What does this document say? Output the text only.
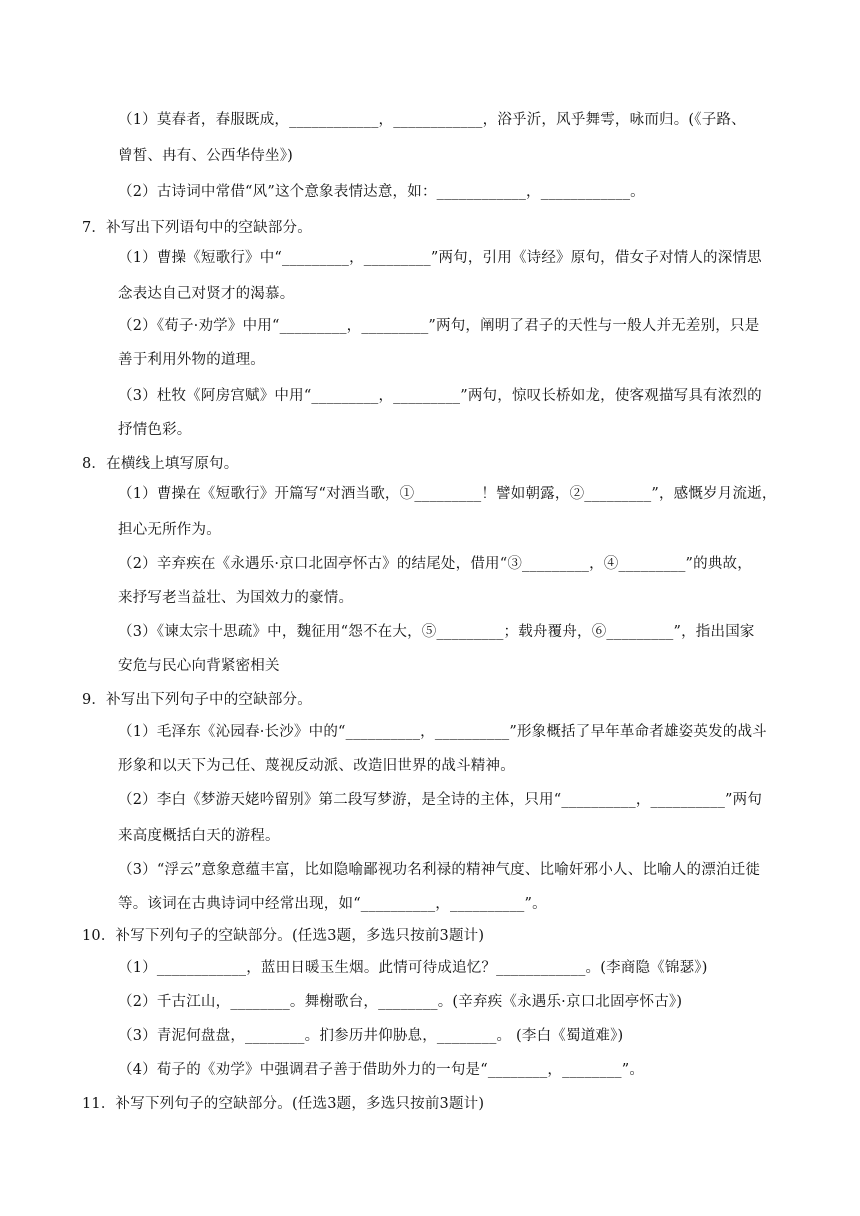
（1）莫春者，春服既成，____________，____________，浴乎沂，风乎舞雩，咏而归。(《子路、
曾皙、冉有、公西华侍坐》)
（2）古诗词中常借“风”这个意象表情达意，如：____________，____________。
7．补写出下列语句中的空缺部分。
（1）曹操《短歌行》中“_________，_________”两句，引用《诗经》原句，借女子对情人的深情思
念表达自己对贤才的渴慕。
（2）《荀子·劝学》中用“_________，_________”两句，阐明了君子的天性与一般人并无差别，只是
善于利用外物的道理。
（3）杜牧《阿房宫赋》中用“_________，_________”两句，惊叹长桥如龙，使客观描写具有浓烈的
抒情色彩。
8．在横线上填写原句。
（1）曹操在《短歌行》开篇写“对酒当歌，①_________！譬如朝露，②_________”，感慨岁月流逝，
担心无所作为。
（2）辛弃疾在《永遇乐·京口北固亭怀古》的结尾处，借用“③_________，④_________”的典故，
来抒写老当益壮、为国效力的豪情。
（3）《谏太宗十思疏》中，魏征用“怨不在大，⑤_________；载舟覆舟，⑥_________”，指出国家
安危与民心向背紧密相关
9．补写出下列句子中的空缺部分。
（1）毛泽东《沁园春·长沙》中的“__________，__________”形象概括了早年革命者雄姿英发的战斗
形象和以天下为己任、蔑视反动派、改造旧世界的战斗精神。
（2）李白《梦游天姥吟留别》第二段写梦游，是全诗的主体，只用“__________，__________”两句
来高度概括白天的游程。
（3）“浮云”意象意蕴丰富，比如隐喻鄙视功名利禄的精神气度、比喻奸邪小人、比喻人的漂泊迁徙
等。该词在古典诗词中经常出现，如“__________，__________”。
10．补写下列句子的空缺部分。(任选3题，多选只按前3题计)
（1）____________，蓝田日暖玉生烟。此情可待成追忆？____________。(李商隐《锦瑟》)
（2）千古江山，________。舞榭歌台，________。(辛弃疾《永遇乐·京口北固亭怀古》)
（3）青泥何盘盘，________。扪参历井仰胁息，________。 (李白《蜀道难》)
（4）荀子的《劝学》中强调君子善于借助外力的一句是“________，________”。
11．补写下列句子的空缺部分。(任选3题，多选只按前3题计)
